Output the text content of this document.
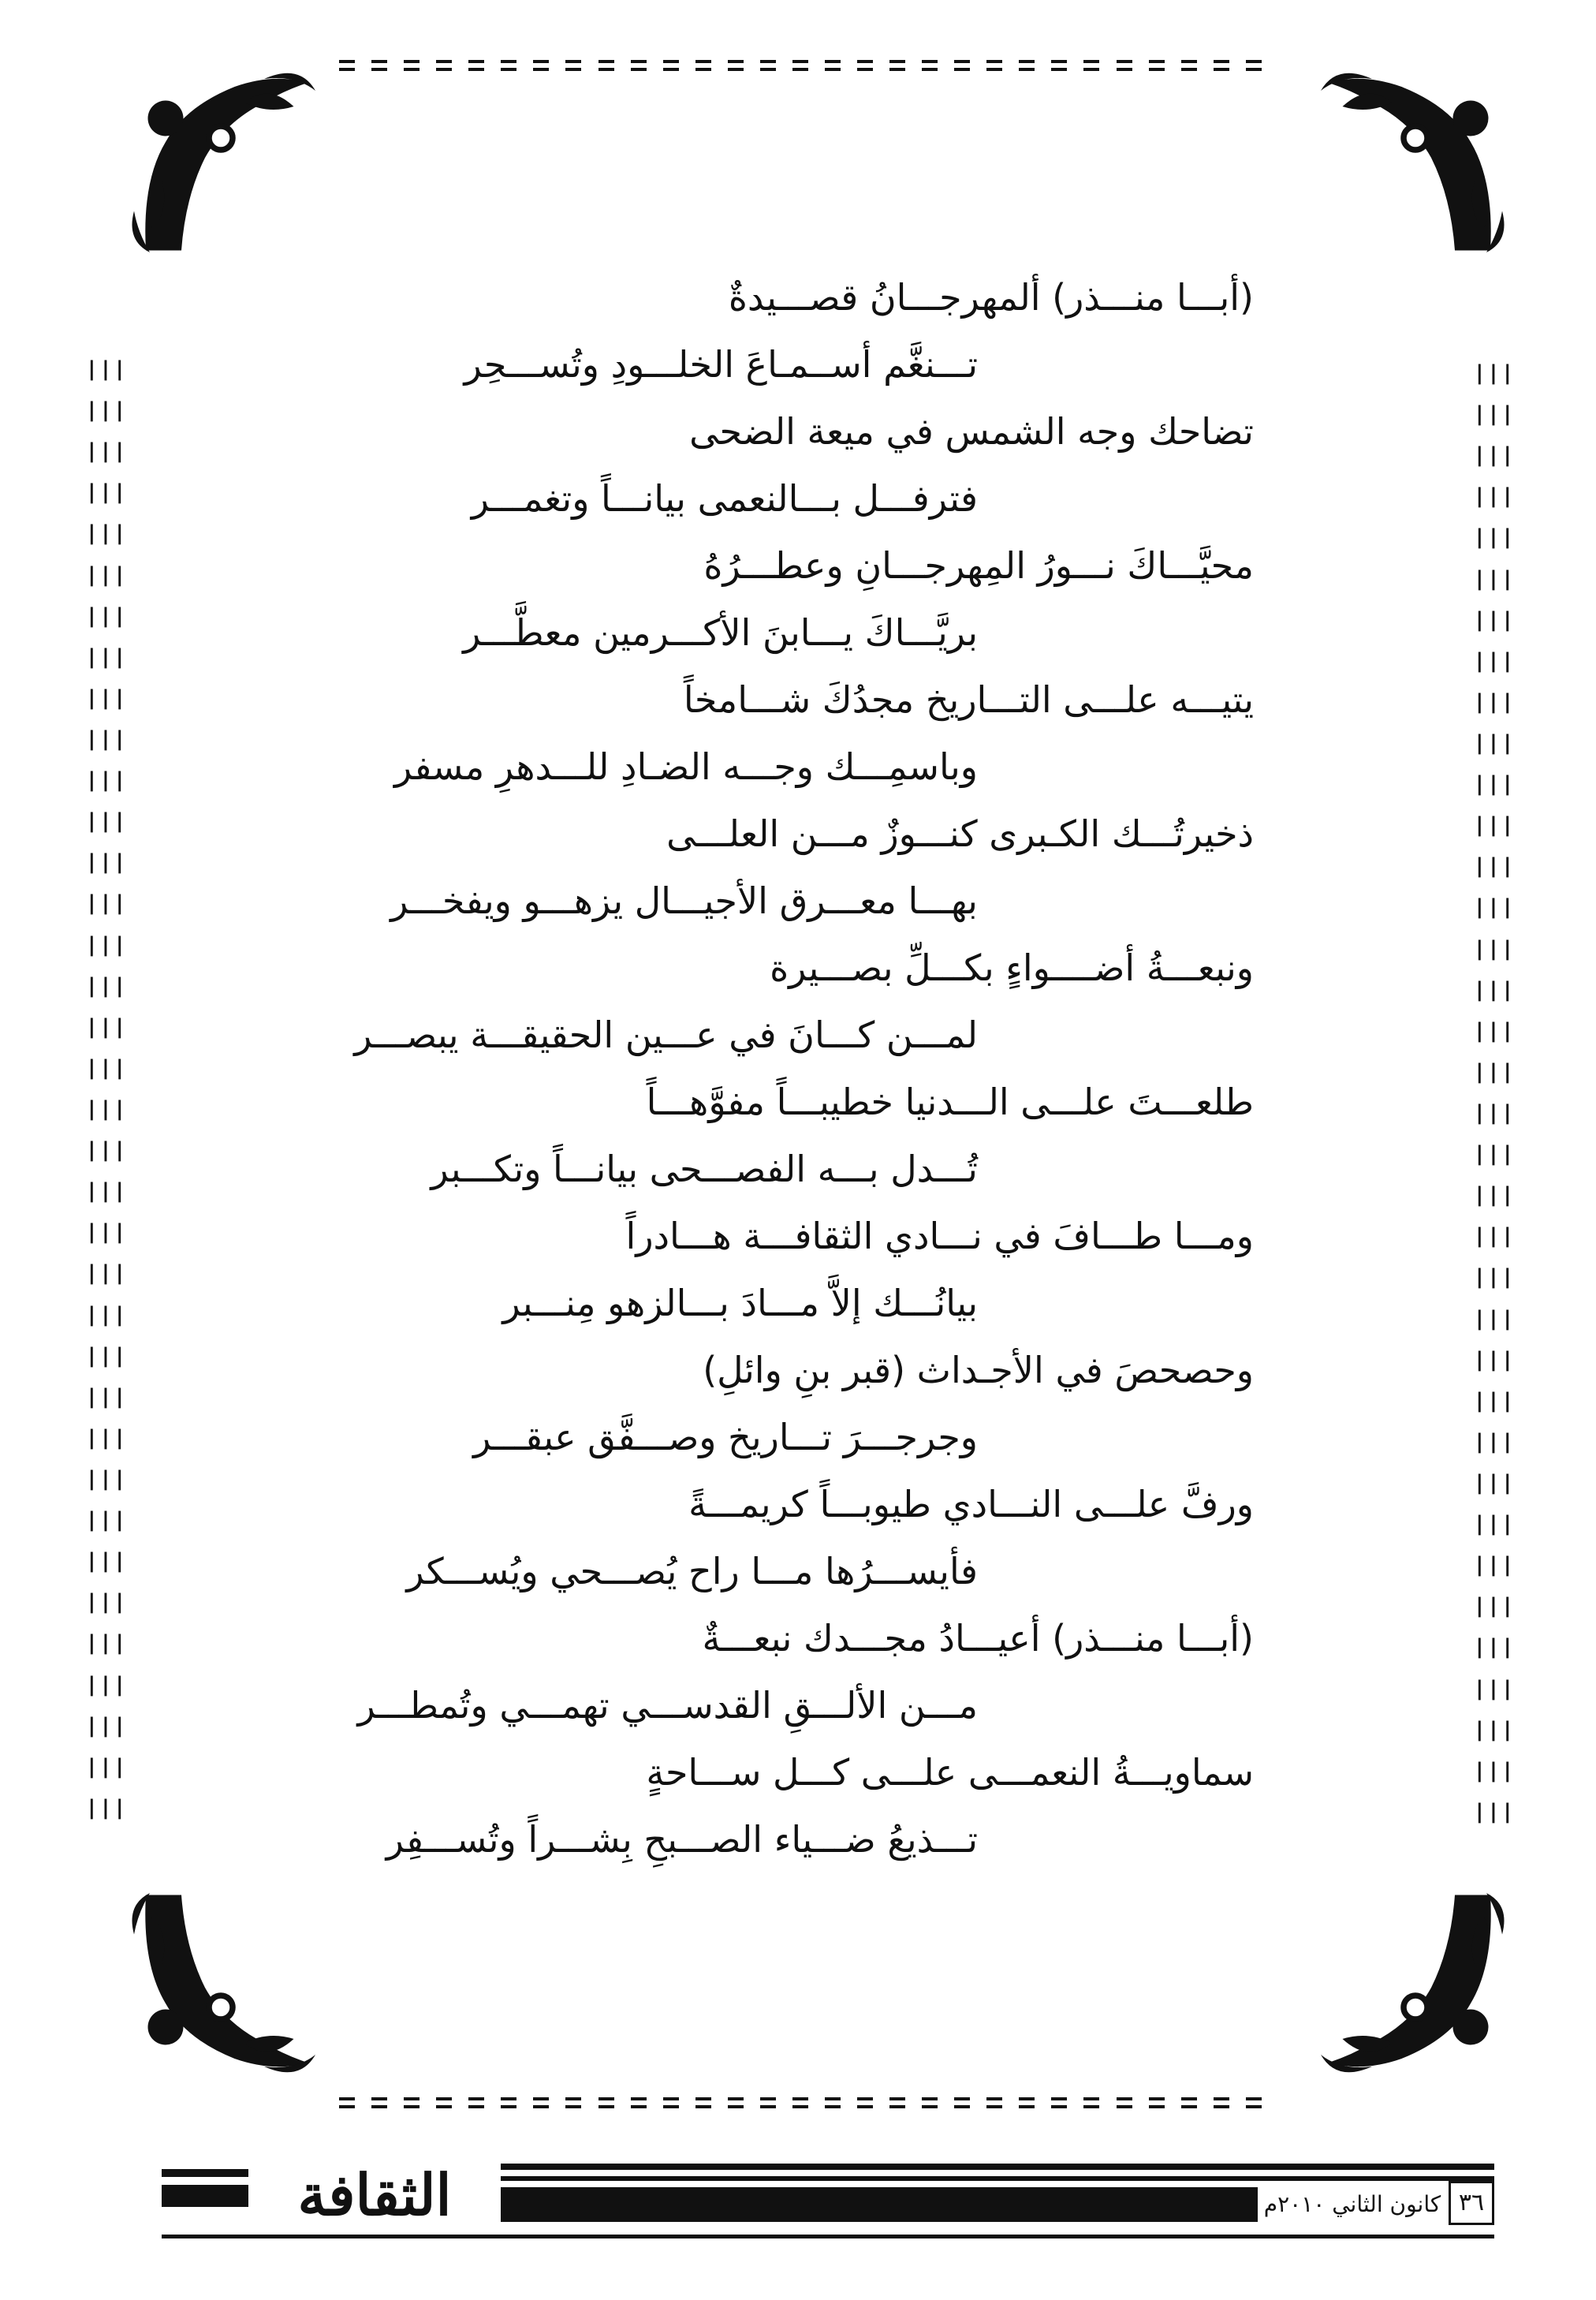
|||
|||
|||
|||
|||
|||
|||
|||
|||
|||
|||
|||
|||
|||
|||
|||
|||
|||
|||
|||
|||
|||
|||
|||
|||
|||
|||
|||
|||
|||
|||
|||
|||
|||
|||
|||
|||
|||
|||
|||
|||
|||
|||
|||
|||
|||
|||
|||
|||
|||
|||
|||
|||
|||
|||
|||
|||
|||
|||
|||
|||
|||
|||
|||
|||
|||
|||
|||
|||
|||
|||
|||
(أبـــا منـــذر) ألمهرجـــانُ قصـــيدةٌ
تـــنغَّم أســمـاعَ الخلـــودِ وتُســـحِر
تضاحك وجه الشمس في ميعة الضحى
فترفـــل بـــالنعمى بيانـــاً وتغمـــر
محيَّـــاكَ نـــورُ المِهرجـــانِ وعطـــرُهُ
بريَّـــاكَ يـــابنَ الأكـــرمين معطَّـــر
يتيـــه علـــى التـــاريخ مجدُكَ شـــامخاً
وباسمِـــك وجـــه الضـادِ للـــدهرِ مسفر
ذخيرتُـــك الكـبرى كنـــوزٌ مـــن العلـــى
بهـــا معـــرق الأجيـــال يزهـــو ويفخـــر
ونبعـــةُ أضــــواءٍ بكـــلِّ بصـــيرة
لمـــن كـــانَ في عـــين الحقيقـــة يبصـــر
طلعـــتَ علـــى الـــدنيا خطيبـــاً مفوَّهـــاً
تُـــدل بـــه الفصـــحى بيانـــاً وتكـــبر
ومـــا طـــافَ في نـــادي الثقافـــة هـــادراً
بيانُـــك إلاَّ مـــادَ بـــالزهو مِنـــبر
وحصحصَ في الأجـداث (قبر بنِ وائلِ)
وجرجـــرَ تـــاريخ وصـــفَّق عبقـــر
ورفَّ علـــى النـــادي طيوبـــاً كريمـــةً
فأيســـرُها مـــا راح يُصـــحي ويُســـكر
(أبـــا منـــذر) أعيـــادُ مجـــدك نبعـــةٌ
مـــن الألـــقِ القدســـي تهمـــي وتُمطـــر
سماويـــةُ النعمـــى علـــى كـــل ســـاحةٍ
تـــذيعُ ضـــياء الصـــبحِ بِشـــراً وتُســـفِر
الثقافة	كانون الثاني ٢٠١٠م ٣٦
